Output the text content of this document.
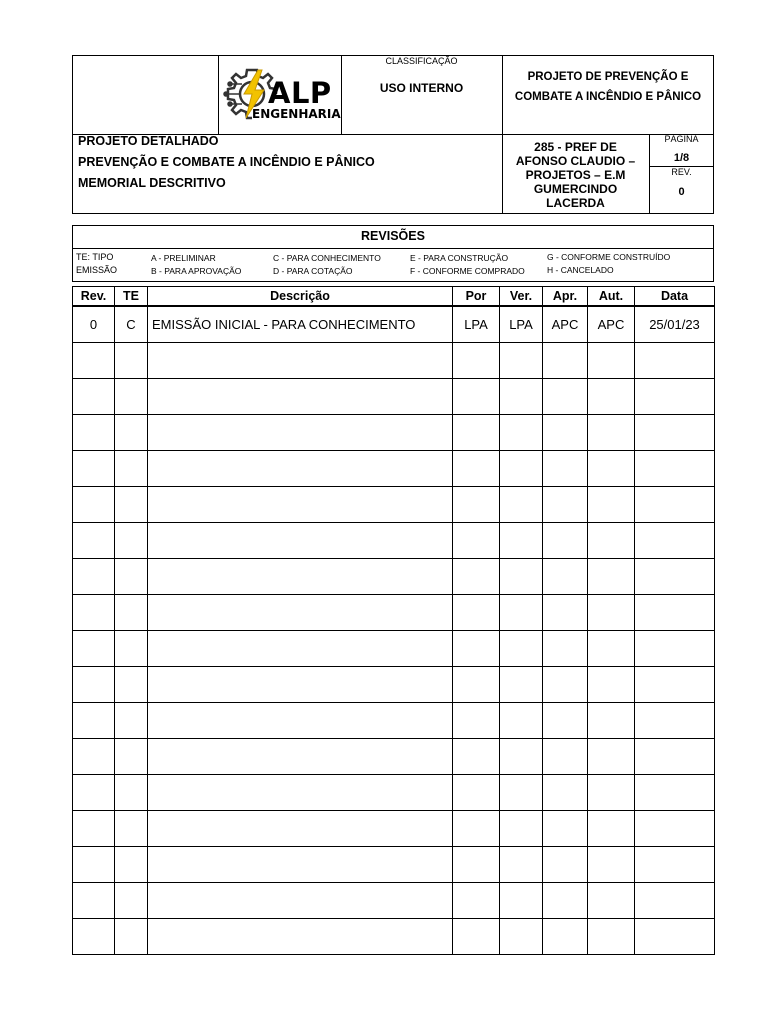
ALP
ENGENHARIA
CLASSIFICAÇÃO
USO INTERNO
PROJETO DE PREVENÇÃO E
COMBATE A INCÊNDIO E PÂNICO
PROJETO DETALHADO
PREVENÇÃO E COMBATE A INCÊNDIO E PÂNICO
MEMORIAL DESCRITIVO
285 - PREF DE
AFONSO CLAUDIO –
PROJETOS – E.M
GUMERCINDO
LACERDA
PÁGINA
1/8
REV.
0
REVISÕES
TE: TIPO
EMISSÃO
A - PRELIMINAR
B - PARA APROVAÇÃO
C - PARA CONHECIMENTO
D - PARA COTAÇÃO
E - PARA CONSTRUÇÃO
F - CONFORME COMPRADO
G - CONFORME CONSTRUÍDO
H - CANCELADO
Rev.	TE	Descrição	Por	Ver.	Apr.	Aut.	Data
0	C	EMISSÃO INICIAL - PARA CONHECIMENTO	LPA	LPA	APC	APC	25/01/23
